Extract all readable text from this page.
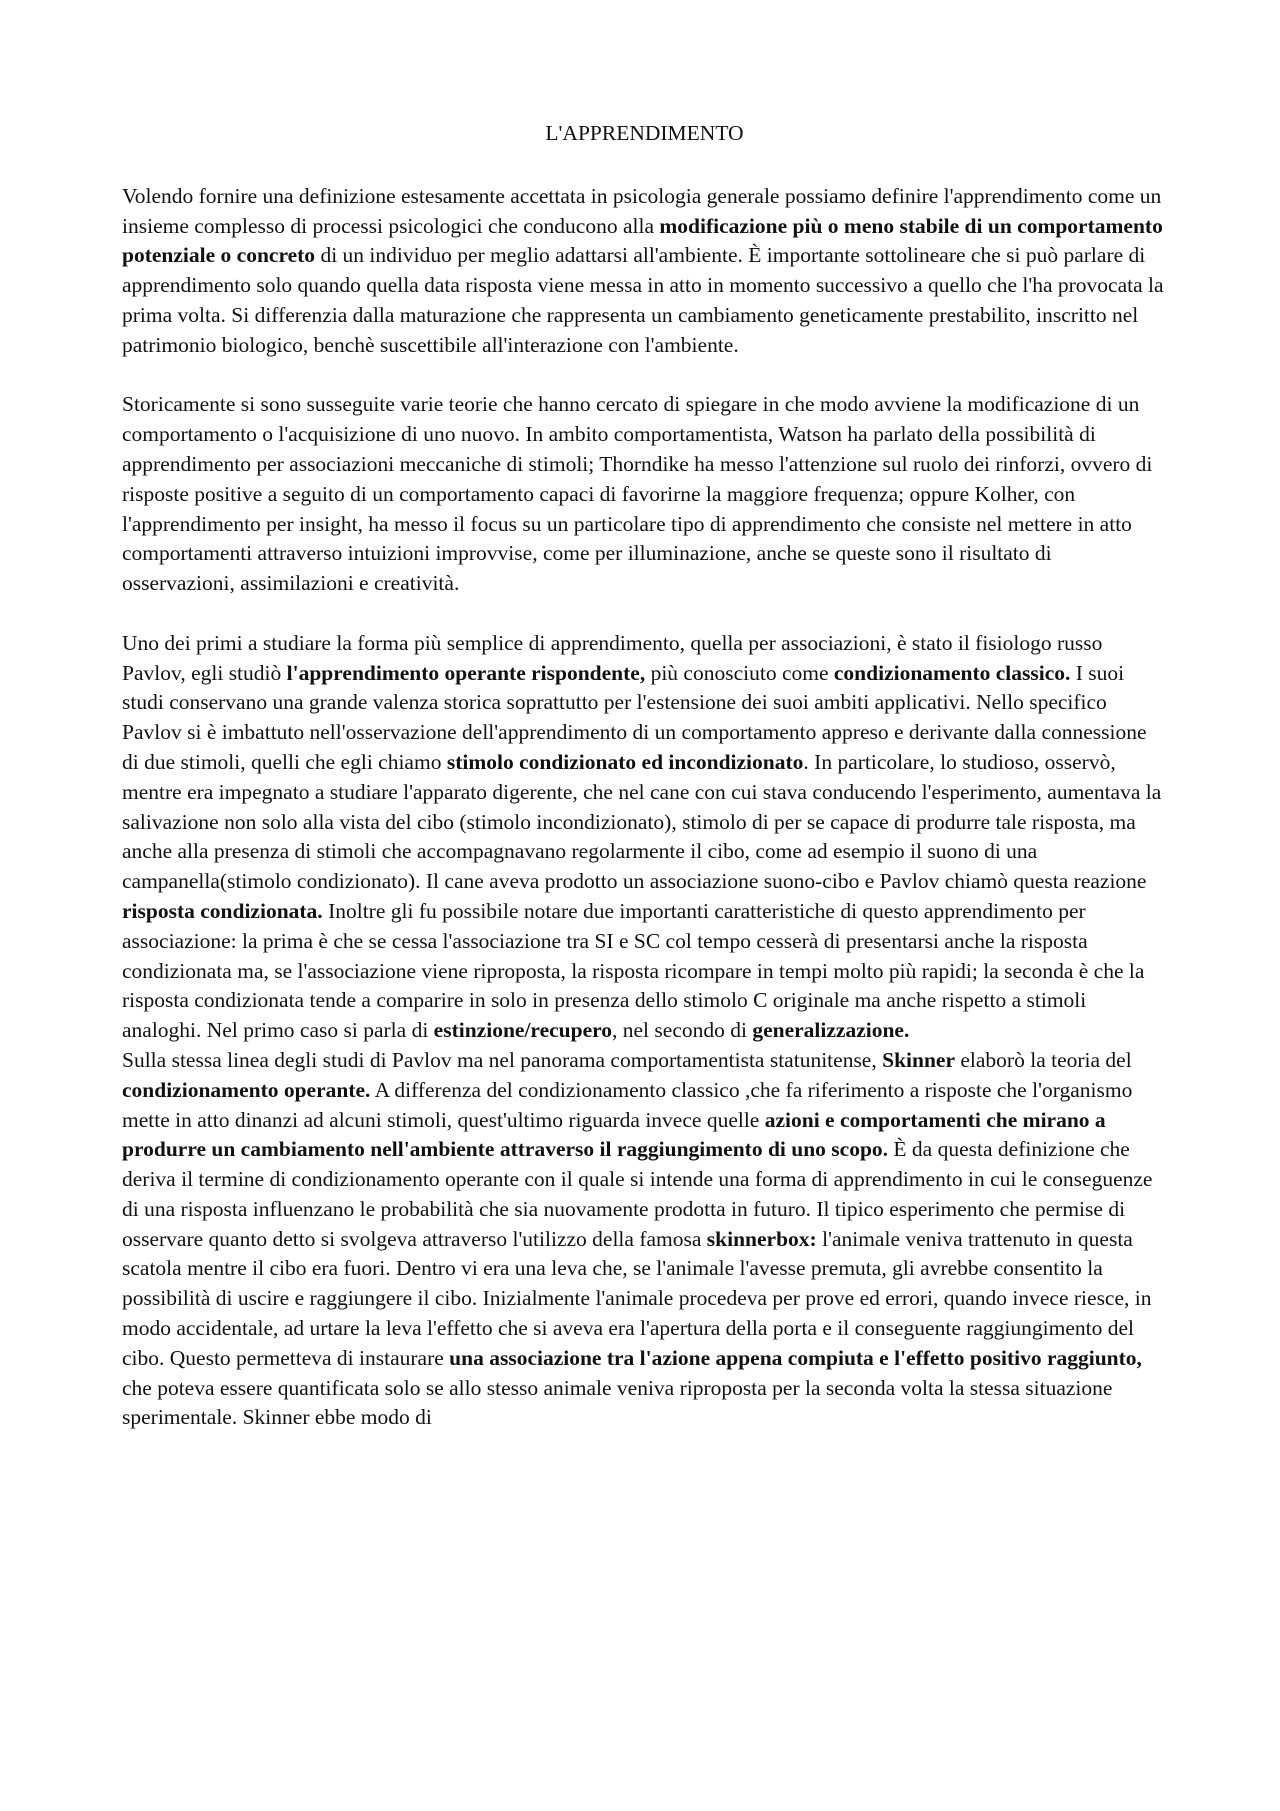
L'APPRENDIMENTO

Volendo fornire una definizione estesamente accettata in psicologia generale possiamo definire l'apprendimento come un insieme complesso di processi psicologici che conducono alla modificazione più o meno stabile di un comportamento potenziale o concreto di un individuo per meglio adattarsi all'ambiente. È importante sottolineare che si può parlare di apprendimento solo quando quella data risposta viene messa in atto in momento successivo a quello che l'ha provocata la prima volta. Si differenzia dalla maturazione che rappresenta un cambiamento geneticamente prestabilito, inscritto nel patrimonio biologico, benchè suscettibile all'interazione con l'ambiente.

Storicamente si sono susseguite varie teorie che hanno cercato di spiegare in che modo avviene la modificazione di un comportamento o l'acquisizione di uno nuovo. In ambito comportamentista, Watson ha parlato della possibilità di apprendimento per associazioni meccaniche di stimoli; Thorndike ha messo l'attenzione sul ruolo dei rinforzi, ovvero di risposte positive a seguito di un comportamento capaci di favorirne la maggiore frequenza; oppure Kolher, con l'apprendimento per insight, ha messo il focus su un particolare tipo di apprendimento che consiste nel mettere in atto comportamenti attraverso intuizioni improvvise, come per illuminazione, anche se queste sono il risultato di osservazioni, assimilazioni e creatività.

Uno dei primi a studiare la forma più semplice di apprendimento, quella per associazioni, è stato il fisiologo russo Pavlov, egli studiò l'apprendimento operante rispondente, più conosciuto come condizionamento classico. I suoi studi conservano una grande valenza storica soprattutto per l'estensione dei suoi ambiti applicativi. Nello specifico Pavlov si è imbattuto nell'osservazione dell'apprendimento di un comportamento appreso e derivante dalla connessione di due stimoli, quelli che egli chiamo stimolo condizionato ed incondizionato. In particolare, lo studioso, osservò, mentre era impegnato a studiare l'apparato digerente, che nel cane con cui stava conducendo l'esperimento, aumentava la salivazione non solo alla vista del cibo (stimolo incondizionato), stimolo di per se capace di produrre tale risposta, ma anche alla presenza di stimoli che accompagnavano regolarmente il cibo, come ad esempio il suono di una campanella(stimolo condizionato). Il cane aveva prodotto un associazione suono-cibo e Pavlov chiamò questa reazione risposta condizionata. Inoltre gli fu possibile notare due importanti caratteristiche di questo apprendimento per associazione: la prima è che se cessa l'associazione tra SI e SC col tempo cesserà di presentarsi anche la risposta condizionata ma, se l'associazione viene riproposta, la risposta ricompare in tempi molto più rapidi; la seconda è che la risposta condizionata tende a comparire in solo in presenza dello stimolo C originale ma anche rispetto a stimoli analoghi. Nel primo caso si parla di estinzione/recupero, nel secondo di generalizzazione.

Sulla stessa linea degli studi di Pavlov ma nel panorama comportamentista statunitense, Skinner elaborò la teoria del condizionamento operante. A differenza del condizionamento classico ,che fa riferimento a risposte che l'organismo mette in atto dinanzi ad alcuni stimoli, quest'ultimo riguarda invece quelle azioni e comportamenti che mirano a produrre un cambiamento nell'ambiente attraverso il raggiungimento di uno scopo. È da questa definizione che deriva il termine di condizionamento operante con il quale si intende una forma di apprendimento in cui le conseguenze di una risposta influenzano le probabilità che sia nuovamente prodotta in futuro. Il tipico esperimento che permise di osservare quanto detto si svolgeva attraverso l'utilizzo della famosa skinnerbox: l'animale veniva trattenuto in questa scatola mentre il cibo era fuori. Dentro vi era una leva che, se l'animale l'avesse premuta, gli avrebbe consentito la possibilità di uscire e raggiungere il cibo. Inizialmente l'animale procedeva per prove ed errori, quando invece riesce, in modo accidentale, ad urtare la leva l'effetto che si aveva era l'apertura della porta e il conseguente raggiungimento del cibo. Questo permetteva di instaurare una associazione tra l'azione appena compiuta e l'effetto positivo raggiunto, che poteva essere quantificata solo se allo stesso animale veniva riproposta per la seconda volta la stessa situazione sperimentale. Skinner ebbe modo di
